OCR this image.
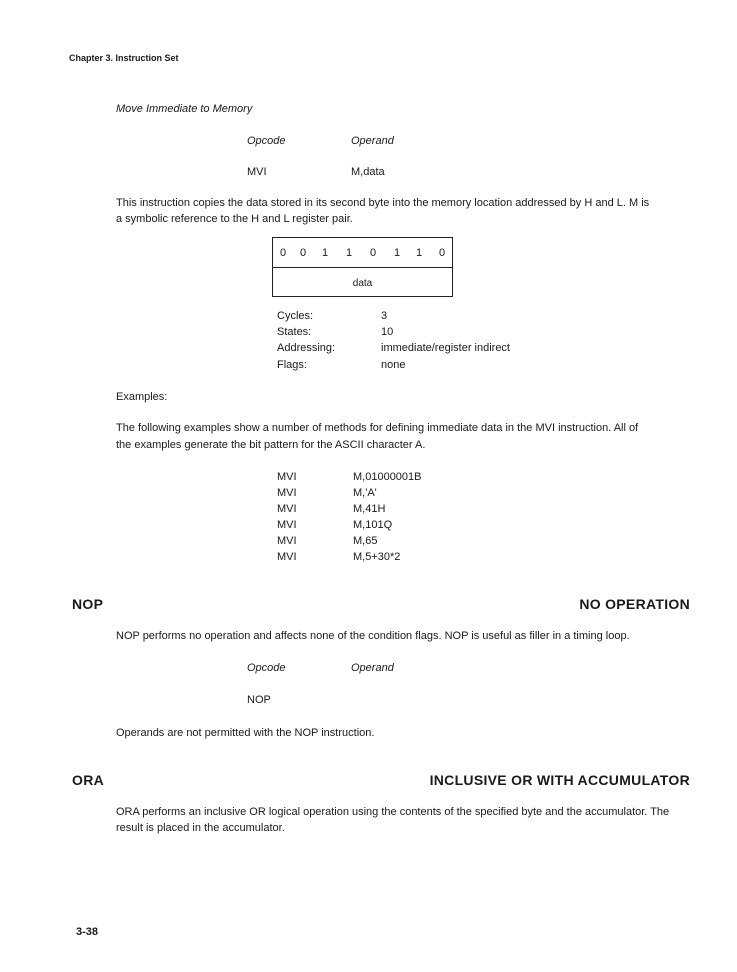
Chapter 3. Instruction Set
Move Immediate to Memory
Opcode	Operand
MVI	M,data
This instruction copies the data stored in its second byte into the memory location addressed by H and L. M is
a symbolic reference to the H and L register pair.
0	0	1	1	0	1	1	0
data
Cycles:	3
States:	10
Addressing:	immediate/register indirect
Flags:	none
Examples:
The following examples show a number of methods for defining immediate data in the MVI instruction. All of
the examples generate the bit pattern for the ASCII character A.
MVI	M,01000001B
MVI	M,'A'
MVI	M,41H
MVI	M,101Q
MVI	M,65
MVI	M,5+30*2
NOP	NO OPERATION
NOP performs no operation and affects none of the condition flags. NOP is useful as filler in a timing loop.
Opcode	Operand
NOP
Operands are not permitted with the NOP instruction.
ORA	INCLUSIVE OR WITH ACCUMULATOR
ORA performs an inclusive OR logical operation using the contents of the specified byte and the accumulator. The
result is placed in the accumulator.
3-38
